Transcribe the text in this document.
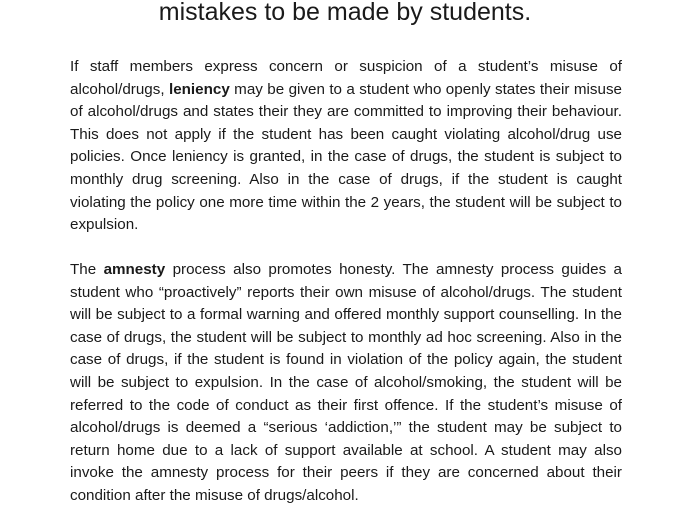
mistakes to be made by students.

If staff members express concern or suspicion of a student’s misuse of alcohol/drugs, leniency may be given to a student who openly states their misuse of alcohol/drugs and states their they are committed to improving their behaviour. This does not apply if the student has been caught violating alcohol/drug use policies. Once leniency is granted, in the case of drugs, the student is subject to monthly drug screening. Also in the case of drugs, if the student is caught violating the policy one more time within the 2 years, the student will be subject to expulsion.

The amnesty process also promotes honesty. The amnesty process guides a student who “proactively” reports their own misuse of alcohol/drugs. The student will be subject to a formal warning and offered monthly support counselling. In the case of drugs, the student will be subject to monthly ad hoc screening. Also in the case of drugs, if the student is found in violation of the policy again, the student will be subject to expulsion. In the case of alcohol/smoking, the student will be referred to the code of conduct as their first offence. If the student’s misuse of alcohol/drugs is deemed a “serious ‘addiction,’” the student may be subject to return home due to a lack of support available at school. A student may also invoke the amnesty process for their peers if they are concerned about their condition after the misuse of drugs/alcohol.
